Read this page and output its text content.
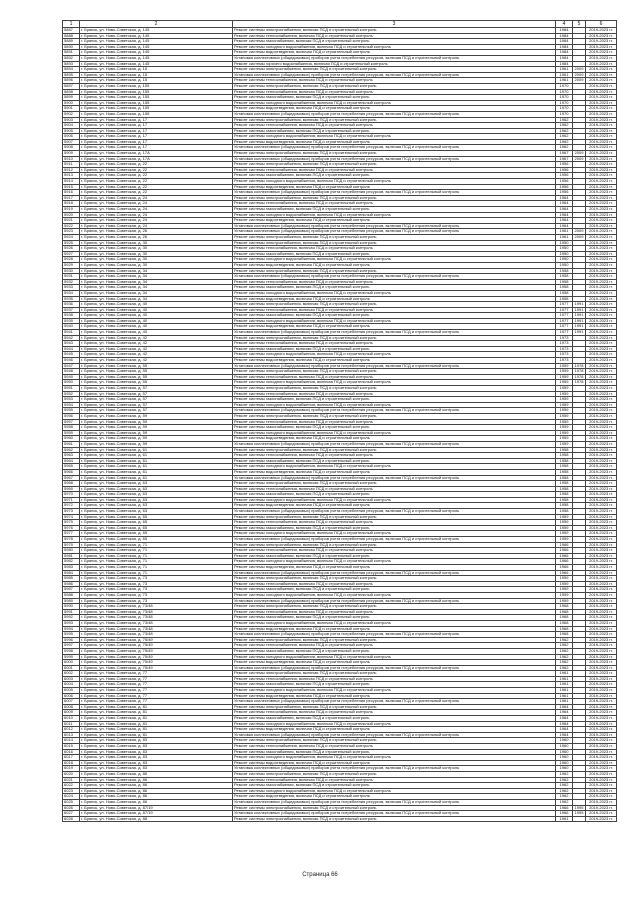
1	2	3	4	5	6
5887	г. Брянск, ул. Ново-Советская, д. 145	Ремонт системы электроснабжения, включая ПСД и строительный контроль	1984		2019-2023 гг.
5888	г. Брянск, ул. Ново-Советская, д. 145	Ремонт системы теплоснабжения, включая ПСД и строительный контроль	1984		2019-2023 гг.
5889	г. Брянск, ул. Ново-Советская, д. 145	Ремонт системы газоснабжения, включая ПСД и строительный контроль	1984		2019-2023 гг.
5890	г. Брянск, ул. Ново-Советская, д. 145	Ремонт системы холодного водоснабжения, включая ПСД и строительный контроль	1984		2019-2023 гг.
5891	г. Брянск, ул. Ново-Советская, д. 145	Ремонт системы водоотведения, включая ПСД и строительный контроль	1984		2019-2023 гг.
5892	г. Брянск, ул. Ново-Советская, д. 145	Установка коллективных (общедомовых) приборов учета потребления ресурсов, включая ПСД и строительный контроль	1984		2019-2023 гг.
5893	г. Брянск, ул. Ново-Советская, д. 145	Ремонт системы горячего водоснабжения, включая ПСД и строительный контроль	1984		2019-2023 гг.
5894	г. Брянск, ул. Ново-Советская, д. 15	Ремонт системы электроснабжения, включая ПСД и строительный контроль	1961	2009	2019-2023 гг.
5895	г. Брянск, ул. Ново-Советская, д. 15	Установка коллективных (общедомовых) приборов учета потребления ресурсов, включая ПСД и строительный контроль	1961	2009	2019-2023 гг.
5896	г. Брянск, ул. Ново-Советская, д. 15	Ремонт системы теплоснабжения, включая ПСД и строительный контроль	1961	2009	2019-2023 гг.
5897	г. Брянск, ул. Ново-Советская, д. 155	Ремонт системы электроснабжения, включая ПСД и строительный контроль	1970		2019-2023 гг.
5898	г. Брянск, ул. Ново-Советская, д. 155	Ремонт системы теплоснабжения, включая ПСД и строительный контроль	1970		2019-2023 гг.
5899	г. Брянск, ул. Ново-Советская, д. 155	Ремонт системы газоснабжения, включая ПСД и строительный контроль	1970		2019-2023 гг.
5900	г. Брянск, ул. Ново-Советская, д. 155	Ремонт системы холодного водоснабжения, включая ПСД и строительный контроль	1970		2019-2023 гг.
5901	г. Брянск, ул. Ново-Советская, д. 155	Ремонт системы водоотведения, включая ПСД и строительный контроль	1970		2019-2023 гг.
5902	г. Брянск, ул. Ново-Советская, д. 155	Установка коллективных (общедомовых) приборов учета потребления ресурсов, включая ПСД и строительный контроль	1970		2019-2023 гг.
5903	г. Брянск, ул. Ново-Советская, д. 17	Ремонт системы электроснабжения, включая ПСД и строительный контроль	1962		2019-2023 гг.
5904	г. Брянск, ул. Ново-Советская, д. 17	Ремонт системы теплоснабжения, включая ПСД и строительный контроль	1962		2019-2023 гг.
5905	г. Брянск, ул. Ново-Советская, д. 17	Ремонт системы газоснабжения, включая ПСД и строительный контроль	1962		2019-2023 гг.
5906	г. Брянск, ул. Ново-Советская, д. 17	Ремонт системы холодного водоснабжения, включая ПСД и строительный контроль	1962		2019-2023 гг.
5907	г. Брянск, ул. Ново-Советская, д. 17	Ремонт системы водоотведения, включая ПСД и строительный контроль	1962		2019-2023 гг.
5908	г. Брянск, ул. Ново-Советская, д. 17	Установка коллективных (общедомовых) приборов учета потребления ресурсов, включая ПСД и строительный контроль	1962		2019-2023 гг.
5909	г. Брянск, ул. Ново-Советская, д. 17А	Ремонт системы электроснабжения, включая ПСД и строительный контроль	1967	2009	2019-2023 гг.
5910	г. Брянск, ул. Ново-Советская, д. 17А	Установка коллективных (общедомовых) приборов учета потребления ресурсов, включая ПСД и строительный контроль	1967	2009	2019-2023 гг.
5911	г. Брянск, ул. Ново-Советская, д. 22	Ремонт системы электроснабжения, включая ПСД и строительный контроль	1956		2019-2023 гг.
5912	г. Брянск, ул. Ново-Советская, д. 22	Ремонт системы теплоснабжения, включая ПСД и строительный контроль	1956		2019-2023 гг.
5913	г. Брянск, ул. Ново-Советская, д. 22	Ремонт системы газоснабжения, включая ПСД и строительный контроль	1956		2019-2023 гг.
5914	г. Брянск, ул. Ново-Советская, д. 22	Ремонт системы холодного водоснабжения, включая ПСД и строительный контроль	1956		2019-2023 гг.
5915	г. Брянск, ул. Ново-Советская, д. 22	Ремонт системы водоотведения, включая ПСД и строительный контроль	1956		2019-2023 гг.
5916	г. Брянск, ул. Ново-Советская, д. 22	Установка коллективных (общедомовых) приборов учета потребления ресурсов, включая ПСД и строительный контроль	1956		2019-2023 гг.
5917	г. Брянск, ул. Ново-Советская, д. 24	Ремонт системы электроснабжения, включая ПСД и строительный контроль	1964		2019-2023 гг.
5918	г. Брянск, ул. Ново-Советская, д. 24	Ремонт системы теплоснабжения, включая ПСД и строительный контроль	1964		2019-2023 гг.
5919	г. Брянск, ул. Ново-Советская, д. 24	Ремонт системы газоснабжения, включая ПСД и строительный контроль	1964		2019-2023 гг.
5920	г. Брянск, ул. Ново-Советская, д. 24	Ремонт системы холодного водоснабжения, включая ПСД и строительный контроль	1964		2019-2023 гг.
5921	г. Брянск, ул. Ново-Советская, д. 24	Ремонт системы водоотведения, включая ПСД и строительный контроль	1964		2019-2023 гг.
5922	г. Брянск, ул. Ново-Советская, д. 24	Установка коллективных (общедомовых) приборов учета потребления ресурсов, включая ПСД и строительный контроль	1964		2019-2023 гг.
5923	г. Брянск, ул. Ново-Советская, д. 26	Установка коллективных (общедомовых) приборов учета потребления ресурсов, включая ПСД и строительный контроль	1961	2009	2019-2023 гг.
5924	г. Брянск, ул. Ново-Советская, д. 26	Ремонт системы электроснабжения, включая ПСД и строительный контроль	1961	2009	2019-2023 гг.
5925	г. Брянск, ул. Ново-Советская, д. 30	Ремонт системы электроснабжения, включая ПСД и строительный контроль	1950		2019-2023 гг.
5926	г. Брянск, ул. Ново-Советская, д. 30	Ремонт системы теплоснабжения, включая ПСД и строительный контроль	1950		2019-2023 гг.
5927	г. Брянск, ул. Ново-Советская, д. 30	Ремонт системы газоснабжения, включая ПСД и строительный контроль	1950		2019-2023 гг.
5928	г. Брянск, ул. Ново-Советская, д. 30	Ремонт системы холодного водоснабжения, включая ПСД и строительный контроль	1950		2019-2023 гг.
5929	г. Брянск, ул. Ново-Советская, д. 30	Ремонт системы водоотведения, включая ПСД и строительный контроль	1950		2019-2023 гг.
5930	г. Брянск, ул. Ново-Советская, д. 34	Ремонт системы электроснабжения, включая ПСД и строительный контроль	1958		2019-2023 гг.
5931	г. Брянск, ул. Ново-Советская, д. 34	Установка коллективных (общедомовых) приборов учета потребления ресурсов, включая ПСД и строительный контроль	1958		2019-2023 гг.
5932	г. Брянск, ул. Ново-Советская, д. 34	Ремонт системы теплоснабжения, включая ПСД и строительный контроль	1958		2019-2023 гг.
5933	г. Брянск, ул. Ново-Советская, д. 34	Ремонт системы газоснабжения, включая ПСД и строительный контроль	1958		2019-2023 гг.
5934	г. Брянск, ул. Ново-Советская, д. 34	Ремонт системы холодного водоснабжения, включая ПСД и строительный контроль	1958		2019-2023 гг.
5935	г. Брянск, ул. Ново-Советская, д. 34	Ремонт системы водоотведения, включая ПСД и строительный контроль	1958		2019-2023 гг.
5936	г. Брянск, ул. Ново-Советская, д. 40	Ремонт системы электроснабжения, включая ПСД и строительный контроль	1977	1991	2019-2023 гг.
5937	г. Брянск, ул. Ново-Советская, д. 40	Ремонт системы теплоснабжения, включая ПСД и строительный контроль	1977	1991	2019-2023 гг.
5938	г. Брянск, ул. Ново-Советская, д. 40	Ремонт системы газоснабжения, включая ПСД и строительный контроль	1977	1991	2019-2023 гг.
5939	г. Брянск, ул. Ново-Советская, д. 40	Ремонт системы холодного водоснабжения, включая ПСД и строительный контроль	1977	1991	2019-2023 гг.
5940	г. Брянск, ул. Ново-Советская, д. 40	Ремонт системы водоотведения, включая ПСД и строительный контроль	1977	1991	2019-2023 гг.
5941	г. Брянск, ул. Ново-Советская, д. 40	Установка коллективных (общедомовых) приборов учета потребления ресурсов, включая ПСД и строительный контроль	1977	1991	2019-2023 гг.
5942	г. Брянск, ул. Ново-Советская, д. 42	Ремонт системы электроснабжения, включая ПСД и строительный контроль	1973		2019-2023 гг.
5943	г. Брянск, ул. Ново-Советская, д. 42	Ремонт системы теплоснабжения, включая ПСД и строительный контроль	1973		2019-2023 гг.
5944	г. Брянск, ул. Ново-Советская, д. 42	Ремонт системы газоснабжения, включая ПСД и строительный контроль	1973		2019-2023 гг.
5945	г. Брянск, ул. Ново-Советская, д. 42	Ремонт системы холодного водоснабжения, включая ПСД и строительный контроль	1973		2019-2023 гг.
5946	г. Брянск, ул. Ново-Советская, д. 42	Ремонт системы водоотведения, включая ПСД и строительный контроль	1973		2019-2023 гг.
5947	г. Брянск, ул. Ново-Советская, д. 55	Установка коллективных (общедомовых) приборов учета потребления ресурсов, включая ПСД и строительный контроль	1959	1978	2019-2023 гг.
5948	г. Брянск, ул. Ново-Советская, д. 55	Ремонт системы электроснабжения, включая ПСД и строительный контроль	1959	1978	2019-2023 гг.
5949	г. Брянск, ул. Ново-Советская, д. 55	Ремонт системы теплоснабжения, включая ПСД и строительный контроль	1959	1978	2019-2023 гг.
5950	г. Брянск, ул. Ново-Советская, д. 55	Ремонт системы холодного водоснабжения, включая ПСД и строительный контроль	1959	1978	2019-2023 гг.
5951	г. Брянск, ул. Ново-Советская, д. 57	Ремонт системы электроснабжения, включая ПСД и строительный контроль	1959		2019-2023 гг.
5952	г. Брянск, ул. Ново-Советская, д. 57	Ремонт системы теплоснабжения, включая ПСД и строительный контроль	1959		2019-2023 гг.
5953	г. Брянск, ул. Ново-Советская, д. 57	Ремонт системы газоснабжения, включая ПСД и строительный контроль	1959		2019-2023 гг.
5954	г. Брянск, ул. Ново-Советская, д. 57	Ремонт системы холодного водоснабжения, включая ПСД и строительный контроль	1959		2019-2023 гг.
5955	г. Брянск, ул. Ново-Советская, д. 57	Установка коллективных (общедомовых) приборов учета потребления ресурсов, включая ПСД и строительный контроль	1959		2019-2023 гг.
5956	г. Брянск, ул. Ново-Советская, д. 59	Ремонт системы электроснабжения, включая ПСД и строительный контроль	1959		2019-2023 гг.
5957	г. Брянск, ул. Ново-Советская, д. 59	Ремонт системы теплоснабжения, включая ПСД и строительный контроль	1959		2019-2023 гг.
5958	г. Брянск, ул. Ново-Советская, д. 59	Ремонт системы газоснабжения, включая ПСД и строительный контроль	1959		2019-2023 гг.
5959	г. Брянск, ул. Ново-Советская, д. 59	Ремонт системы холодного водоснабжения, включая ПСД и строительный контроль	1959		2019-2023 гг.
5960	г. Брянск, ул. Ново-Советская, д. 59	Ремонт системы водоотведения, включая ПСД и строительный контроль	1959		2019-2023 гг.
5961	г. Брянск, ул. Ново-Советская, д. 59	Установка коллективных (общедомовых) приборов учета потребления ресурсов, включая ПСД и строительный контроль	1959		2019-2023 гг.
5962	г. Брянск, ул. Ново-Советская, д. 61	Ремонт системы электроснабжения, включая ПСД и строительный контроль	1958		2019-2023 гг.
5963	г. Брянск, ул. Ново-Советская, д. 61	Ремонт системы теплоснабжения, включая ПСД и строительный контроль	1958		2019-2023 гг.
5964	г. Брянск, ул. Ново-Советская, д. 61	Ремонт системы газоснабжения, включая ПСД и строительный контроль	1958		2019-2023 гг.
5965	г. Брянск, ул. Ново-Советская, д. 61	Ремонт системы холодного водоснабжения, включая ПСД и строительный контроль	1958		2019-2023 гг.
5966	г. Брянск, ул. Ново-Советская, д. 61	Ремонт системы водоотведения, включая ПСД и строительный контроль	1958		2019-2023 гг.
5967	г. Брянск, ул. Ново-Советская, д. 61	Установка коллективных (общедомовых) приборов учета потребления ресурсов, включая ПСД и строительный контроль	1958		2019-2023 гг.
5968	г. Брянск, ул. Ново-Советская, д. 63	Ремонт системы электроснабжения, включая ПСД и строительный контроль	1958		2019-2023 гг.
5969	г. Брянск, ул. Ново-Советская, д. 63	Ремонт системы теплоснабжения, включая ПСД и строительный контроль	1958		2019-2023 гг.
5970	г. Брянск, ул. Ново-Советская, д. 63	Ремонт системы газоснабжения, включая ПСД и строительный контроль	1958		2019-2023 гг.
5971	г. Брянск, ул. Ново-Советская, д. 63	Ремонт системы холодного водоснабжения, включая ПСД и строительный контроль	1958		2019-2023 гг.
5972	г. Брянск, ул. Ново-Советская, д. 63	Ремонт системы водоотведения, включая ПСД и строительный контроль	1958		2019-2023 гг.
5973	г. Брянск, ул. Ново-Советская, д. 63	Установка коллективных (общедомовых) приборов учета потребления ресурсов, включая ПСД и строительный контроль	1958		2019-2023 гг.
5974	г. Брянск, ул. Ново-Советская, д. 65	Ремонт системы электроснабжения, включая ПСД и строительный контроль	1959		2019-2023 гг.
5975	г. Брянск, ул. Ново-Советская, д. 65	Ремонт системы теплоснабжения, включая ПСД и строительный контроль	1959		2019-2023 гг.
5976	г. Брянск, ул. Ново-Советская, д. 65	Ремонт системы газоснабжения, включая ПСД и строительный контроль	1959		2019-2023 гг.
5977	г. Брянск, ул. Ново-Советская, д. 65	Ремонт системы холодного водоснабжения, включая ПСД и строительный контроль	1959		2019-2023 гг.
5978	г. Брянск, ул. Ново-Советская, д. 65	Установка коллективных (общедомовых) приборов учета потребления ресурсов, включая ПСД и строительный контроль	1959		2019-2023 гг.
5979	г. Брянск, ул. Ново-Советская, д. 71	Ремонт системы электроснабжения, включая ПСД и строительный контроль	1966		2019-2023 гг.
5980	г. Брянск, ул. Ново-Советская, д. 71	Ремонт системы теплоснабжения, включая ПСД и строительный контроль	1966		2019-2023 гг.
5981	г. Брянск, ул. Ново-Советская, д. 71	Ремонт системы газоснабжения, включая ПСД и строительный контроль	1966		2019-2023 гг.
5982	г. Брянск, ул. Ново-Советская, д. 71	Ремонт системы холодного водоснабжения, включая ПСД и строительный контроль	1966		2019-2023 гг.
5983	г. Брянск, ул. Ново-Советская, д. 71	Ремонт системы водоотведения, включая ПСД и строительный контроль	1966		2019-2023 гг.
5984	г. Брянск, ул. Ново-Советская, д. 71	Установка коллективных (общедомовых) приборов учета потребления ресурсов, включая ПСД и строительный контроль	1966		2019-2023 гг.
5985	г. Брянск, ул. Ново-Советская, д. 73	Ремонт системы электроснабжения, включая ПСД и строительный контроль	1959		2019-2023 гг.
5986	г. Брянск, ул. Ново-Советская, д. 73	Ремонт системы теплоснабжения, включая ПСД и строительный контроль	1959		2019-2023 гг.
5987	г. Брянск, ул. Ново-Советская, д. 73	Ремонт системы газоснабжения, включая ПСД и строительный контроль	1959		2019-2023 гг.
5988	г. Брянск, ул. Ново-Советская, д. 73	Ремонт системы холодного водоснабжения, включая ПСД и строительный контроль	1959		2019-2023 гг.
5989	г. Брянск, ул. Ново-Советская, д. 73	Установка коллективных (общедомовых) приборов учета потребления ресурсов, включая ПСД и строительный контроль	1959		2019-2023 гг.
5990	г. Брянск, ул. Ново-Советская, д. 73/48	Ремонт системы электроснабжения, включая ПСД и строительный контроль	1968		2019-2023 гг.
5991	г. Брянск, ул. Ново-Советская, д. 73/48	Ремонт системы теплоснабжения, включая ПСД и строительный контроль	1968		2019-2023 гг.
5992	г. Брянск, ул. Ново-Советская, д. 73/48	Ремонт системы газоснабжения, включая ПСД и строительный контроль	1968		2019-2023 гг.
5993	г. Брянск, ул. Ново-Советская, д. 73/48	Ремонт системы холодного водоснабжения, включая ПСД и строительный контроль	1968		2019-2023 гг.
5994	г. Брянск, ул. Ново-Советская, д. 73/48	Ремонт системы водоотведения, включая ПСД и строительный контроль	1968		2019-2023 гг.
5995	г. Брянск, ул. Ново-Советская, д. 73/48	Установка коллективных (общедомовых) приборов учета потребления ресурсов, включая ПСД и строительный контроль	1968		2019-2023 гг.
5996	г. Брянск, ул. Ново-Советская, д. 75/49	Ремонт системы электроснабжения, включая ПСД и строительный контроль	1962		2019-2023 гг.
5997	г. Брянск, ул. Ново-Советская, д. 75/49	Ремонт системы теплоснабжения, включая ПСД и строительный контроль	1962		2019-2023 гг.
5998	г. Брянск, ул. Ново-Советская, д. 75/49	Ремонт системы газоснабжения, включая ПСД и строительный контроль	1962		2019-2023 гг.
5999	г. Брянск, ул. Ново-Советская, д. 75/49	Ремонт системы холодного водоснабжения, включая ПСД и строительный контроль	1962		2019-2023 гг.
6000	г. Брянск, ул. Ново-Советская, д. 75/49	Ремонт системы водоотведения, включая ПСД и строительный контроль	1962		2019-2023 гг.
6001	г. Брянск, ул. Ново-Советская, д. 75/49	Установка коллективных (общедомовых) приборов учета потребления ресурсов, включая ПСД и строительный контроль	1962		2019-2023 гг.
6002	г. Брянск, ул. Ново-Советская, д. 77	Ремонт системы электроснабжения, включая ПСД и строительный контроль	1961		2019-2023 гг.
6003	г. Брянск, ул. Ново-Советская, д. 77	Ремонт системы теплоснабжения, включая ПСД и строительный контроль	1961		2019-2023 гг.
6004	г. Брянск, ул. Ново-Советская, д. 77	Ремонт системы газоснабжения, включая ПСД и строительный контроль	1961		2019-2023 гг.
6005	г. Брянск, ул. Ново-Советская, д. 77	Ремонт системы холодного водоснабжения, включая ПСД и строительный контроль	1961		2019-2023 гг.
6006	г. Брянск, ул. Ново-Советская, д. 77	Ремонт системы водоотведения, включая ПСД и строительный контроль	1961		2019-2023 гг.
6007	г. Брянск, ул. Ново-Советская, д. 77	Установка коллективных (общедомовых) приборов учета потребления ресурсов, включая ПСД и строительный контроль	1961		2019-2023 гг.
6008	г. Брянск, ул. Ново-Советская, д. 81	Ремонт системы электроснабжения, включая ПСД и строительный контроль	1964		2019-2023 гг.
6009	г. Брянск, ул. Ново-Советская, д. 81	Ремонт системы теплоснабжения, включая ПСД и строительный контроль	1964		2019-2023 гг.
6010	г. Брянск, ул. Ново-Советская, д. 81	Ремонт системы газоснабжения, включая ПСД и строительный контроль	1964		2019-2023 гг.
6011	г. Брянск, ул. Ново-Советская, д. 81	Ремонт системы холодного водоснабжения, включая ПСД и строительный контроль	1964		2019-2023 гг.
6012	г. Брянск, ул. Ново-Советская, д. 81	Ремонт системы водоотведения, включая ПСД и строительный контроль	1964		2019-2023 гг.
6013	г. Брянск, ул. Ново-Советская, д. 81	Установка коллективных (общедомовых) приборов учета потребления ресурсов, включая ПСД и строительный контроль	1964		2019-2023 гг.
6014	г. Брянск, ул. Ново-Советская, д. 83	Ремонт системы электроснабжения, включая ПСД и строительный контроль	1960		2019-2023 гг.
6015	г. Брянск, ул. Ново-Советская, д. 83	Ремонт системы теплоснабжения, включая ПСД и строительный контроль	1960		2019-2023 гг.
6016	г. Брянск, ул. Ново-Советская, д. 83	Ремонт системы газоснабжения, включая ПСД и строительный контроль	1960		2019-2023 гг.
6017	г. Брянск, ул. Ново-Советская, д. 83	Ремонт системы холодного водоснабжения, включая ПСД и строительный контроль	1960		2019-2023 гг.
6018	г. Брянск, ул. Ново-Советская, д. 83	Ремонт системы водоотведения, включая ПСД и строительный контроль	1960		2019-2023 гг.
6019	г. Брянск, ул. Ново-Советская, д. 83	Установка коллективных (общедомовых) приборов учета потребления ресурсов, включая ПСД и строительный контроль	1960		2019-2023 гг.
6020	г. Брянск, ул. Ново-Советская, д. 86	Ремонт системы электроснабжения, включая ПСД и строительный контроль	1962		2019-2023 гг.
6021	г. Брянск, ул. Ново-Советская, д. 86	Ремонт системы теплоснабжения, включая ПСД и строительный контроль	1962		2019-2023 гг.
6022	г. Брянск, ул. Ново-Советская, д. 86	Ремонт системы газоснабжения, включая ПСД и строительный контроль	1962		2019-2023 гг.
6023	г. Брянск, ул. Ново-Советская, д. 86	Ремонт системы холодного водоснабжения, включая ПСД и строительный контроль	1962		2019-2023 гг.
6024	г. Брянск, ул. Ново-Советская, д. 86	Ремонт системы водоотведения, включая ПСД и строительный контроль	1962		2019-2023 гг.
6025	г. Брянск, ул. Ново-Советская, д. 86	Установка коллективных (общедомовых) приборов учета потребления ресурсов, включая ПСД и строительный контроль	1962		2019-2023 гг.
6026	г. Брянск, ул. Ново-Советская, д. 87/19	Ремонт системы электроснабжения, включая ПСД и строительный контроль	1966	1995	2019-2023 гг.
6027	г. Брянск, ул. Ново-Советская, д. 87/19	Установка коллективных (общедомовых) приборов учета потребления ресурсов, включая ПСД и строительный контроль	1966	1995	2019-2023 гг.
6028	г. Брянск, ул. Ново-Советская, д. 88	Ремонт системы электроснабжения, включая ПСД и строительный контроль	1961		2019-2023 гг.
Страница 66
